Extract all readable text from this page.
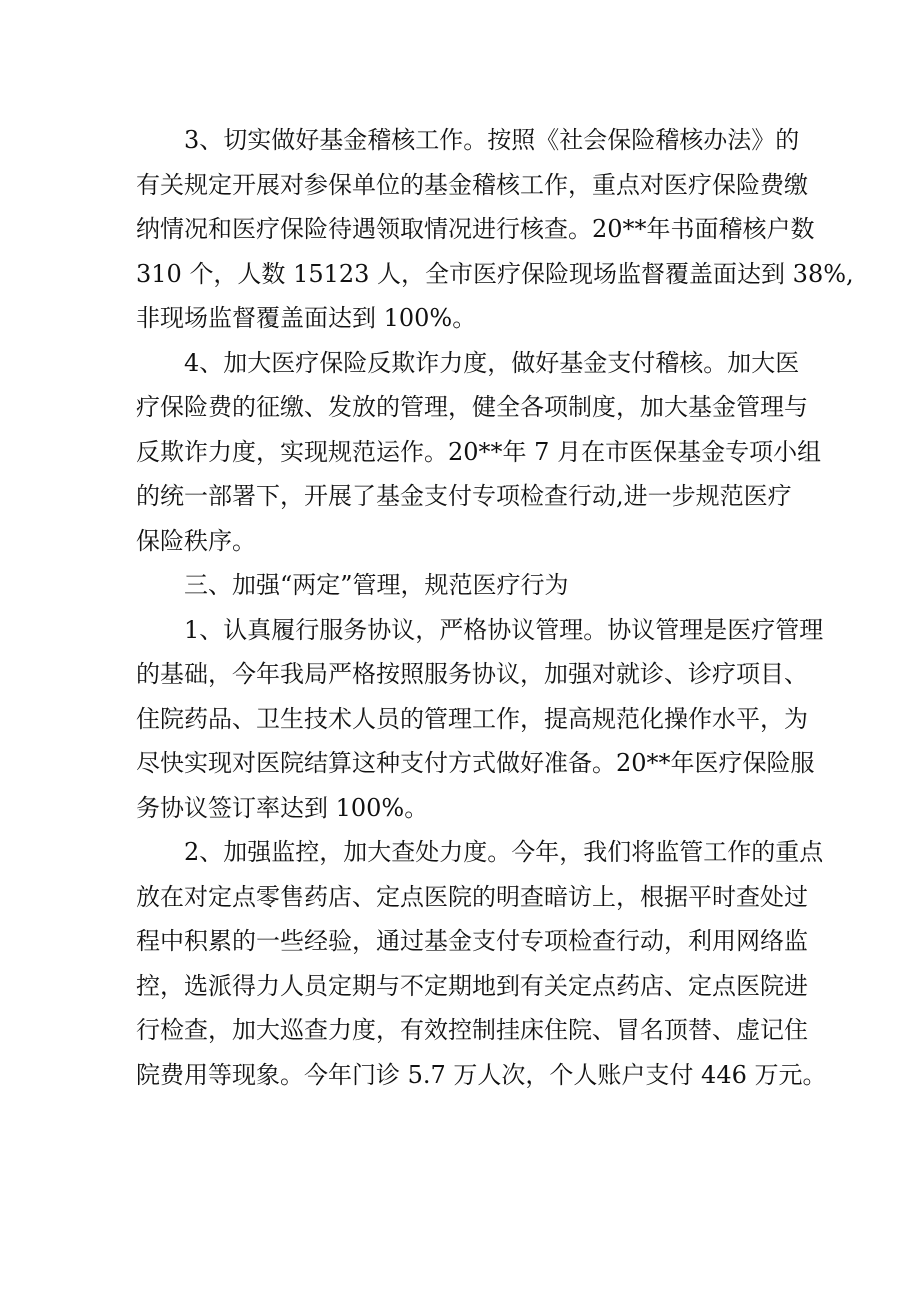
3、切实做好基金稽核工作。按照《社会保险稽核办法》的
有关规定开展对参保单位的基金稽核工作，重点对医疗保险费缴
纳情况和医疗保险待遇领取情况进行核查。20**年书面稽核户数
310 个，人数 15123 人，全市医疗保险现场监督覆盖面达到 38%,
非现场监督覆盖面达到 100%。

4、加大医疗保险反欺诈力度，做好基金支付稽核。加大医
疗保险费的征缴、发放的管理，健全各项制度，加大基金管理与
反欺诈力度，实现规范运作。20**年 7 月在市医保基金专项小组
的统一部署下，开展了基金支付专项检查行动,进一步规范医疗
保险秩序。

三、加强“两定”管理，规范医疗行为

1、认真履行服务协议，严格协议管理。协议管理是医疗管理
的基础，今年我局严格按照服务协议，加强对就诊、诊疗项目、
住院药品、卫生技术人员的管理工作，提高规范化操作水平，为
尽快实现对医院结算这种支付方式做好准备。20**年医疗保险服
务协议签订率达到 100%。

2、加强监控，加大查处力度。今年，我们将监管工作的重点
放在对定点零售药店、定点医院的明查暗访上，根据平时查处过
程中积累的一些经验，通过基金支付专项检查行动，利用网络监
控，选派得力人员定期与不定期地到有关定点药店、定点医院进
行检查，加大巡查力度，有效控制挂床住院、冒名顶替、虚记住
院费用等现象。今年门诊 5.7 万人次，个人账户支付 446 万元。
